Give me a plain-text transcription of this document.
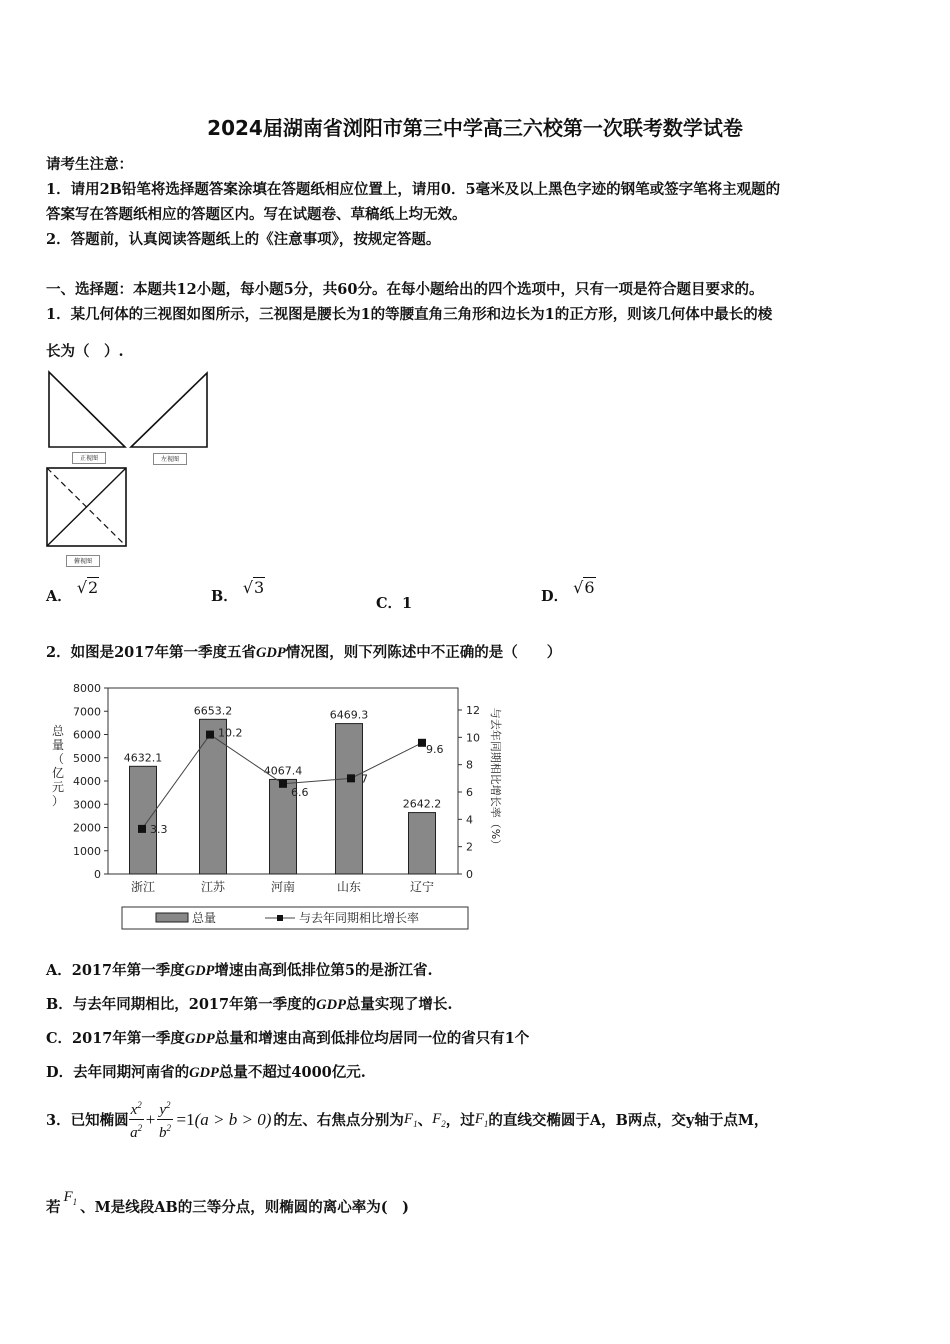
2024届湖南省浏阳市第三中学高三六校第一次联考数学试卷
请考生注意：
1．请用2B铅笔将选择题答案涂填在答题纸相应位置上，请用0．5毫米及以上黑色字迹的钢笔或签字笔将主观题的
答案写在答题纸相应的答题区内。写在试题卷、草稿纸上均无效。
2．答题前，认真阅读答题纸上的《注意事项》，按规定答题。
一、选择题：本题共12小题，每小题5分，共60分。在每小题给出的四个选项中，只有一项是符合题目要求的。
1．某几何体的三视图如图所示，三视图是腰长为1的等腰直角三角形和边长为1的正方形，则该几何体中最长的棱
长为（　）.
正视图	左视图
俯视图
A． √2	B． √3
C．1	D． √6
2．如图是2017年第一季度五省GDP情况图，则下列陈述中不正确的是（　　）
0
1000
2000
3000
4000
5000
6000
7000
8000
0
2
4
6
8
10
12
总
量
（
亿
元
）	与去年同期相比增长率（%）
4632.1
浙江
6653.2
江苏
4067.4
河南
6469.3
山东
2642.2
辽宁
3.3
10.2
6.6
7
9.6
总量	与去年同期相比增长率
A．2017年第一季度GDP增速由高到低排位第5的是浙江省.
B．与去年同期相比，2017年第一季度的GDP总量实现了增长.
C．2017年第一季度GDP总量和增速由高到低排位均居同一位的省只有1个
D．去年同期河南省的GDP总量不超过4000亿元.
3．已知椭圆 $\frac{x^2}{a^2} + \frac{y^2}{b^2} =1$ (a > b > 0) 的左、右焦点分别为 $F_1$ 、 $F_2$ ，过 $F_1$ 的直线交椭圆于A，B两点，交y轴于点M，
若
$F_1$ 、M是线段AB的三等分点，则椭圆的离心率为(　)
